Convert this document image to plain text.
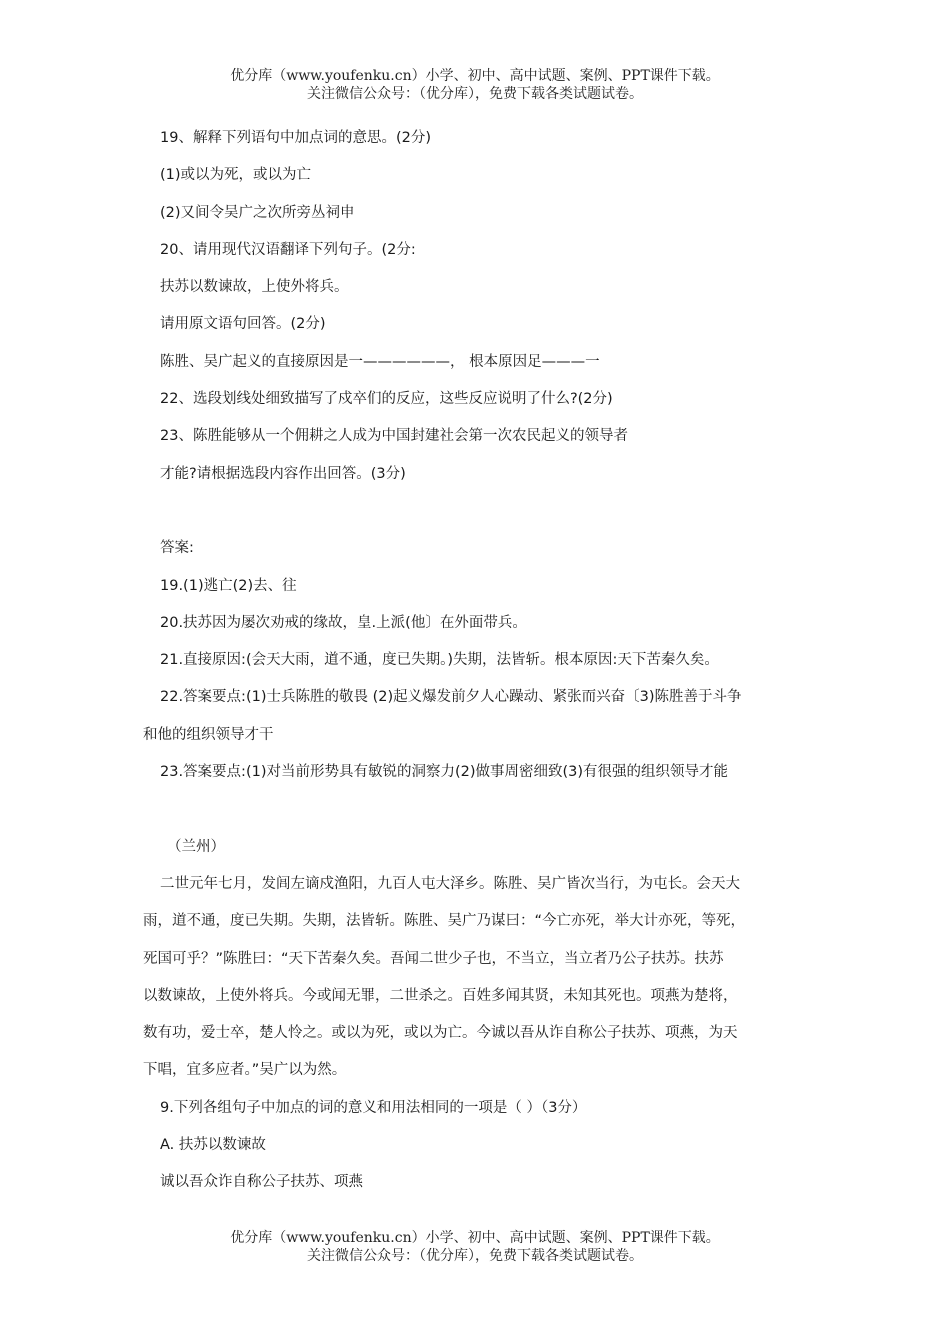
优分库（www.youfenku.cn）小学、初中、高中试题、案例、PPT课件下载。
关注微信公众号：（优分库），免费下载各类试题试卷。
19、解释下列语句中加点词的意思。(2分)
(1)或以为死，或以为亡
(2)又间令吴广之次所旁丛祠申
20、请用现代汉语翻译下列句子。(2分:
扶苏以数谏故，上使外将兵。
请用原文语句回答。(2分)
陈胜、吴广起义的直接原因是一——————， 根本原因足———一
22、选段划线处细致描写了戍卒们的反应，这些反应说明了什么?(2分)
23、陈胜能够从一个佣耕之人成为中国封建社会第一次农民起义的领导者
才能?请根据选段内容作出回答。(3分)
答案:
19.(1)逃亡(2)去、往
20.扶苏因为屡次劝戒的缘故，皇.上派(他〕在外面带兵。
21.直接原因:(会天大雨，道不通，度已失期。)失期，法皆斩。根本原因:天下苦秦久矣。
22.答案要点:(1)士兵陈胜的敬畏 (2)起义爆发前夕人心躁动、紧张而兴奋〔3)陈胜善于斗争
和他的组织领导才干
23.答案要点:(1)对当前形势具有敏锐的洞察力(2)做事周密细致(3)有很强的组织领导才能
（兰州）
二世元年七月，发闾左谪戍渔阳，九百人屯大泽乡。陈胜、吴广皆次当行，为屯长。会天大
雨，道不通，度已失期。失期，法皆斩。陈胜、吴广乃谋曰：“今亡亦死，举大计亦死，等死，
死国可乎？”陈胜曰：“天下苦秦久矣。吾闻二世少子也，不当立，当立者乃公子扶苏。扶苏
以数谏故，上使外将兵。今或闻无罪，二世杀之。百姓多闻其贤，未知其死也。项燕为楚将，
数有功，爱士卒，楚人怜之。或以为死，或以为亡。今诚以吾从诈自称公子扶苏、项燕，为天
下唱，宜多应者。”吴广以为然。
9.下列各组句子中加点的词的意义和用法相同的一项是（ ）（3分）
A. 扶苏以数谏故
诚以吾众诈自称公子扶苏、项燕
优分库（www.youfenku.cn）小学、初中、高中试题、案例、PPT课件下载。
关注微信公众号：（优分库），免费下载各类试题试卷。
